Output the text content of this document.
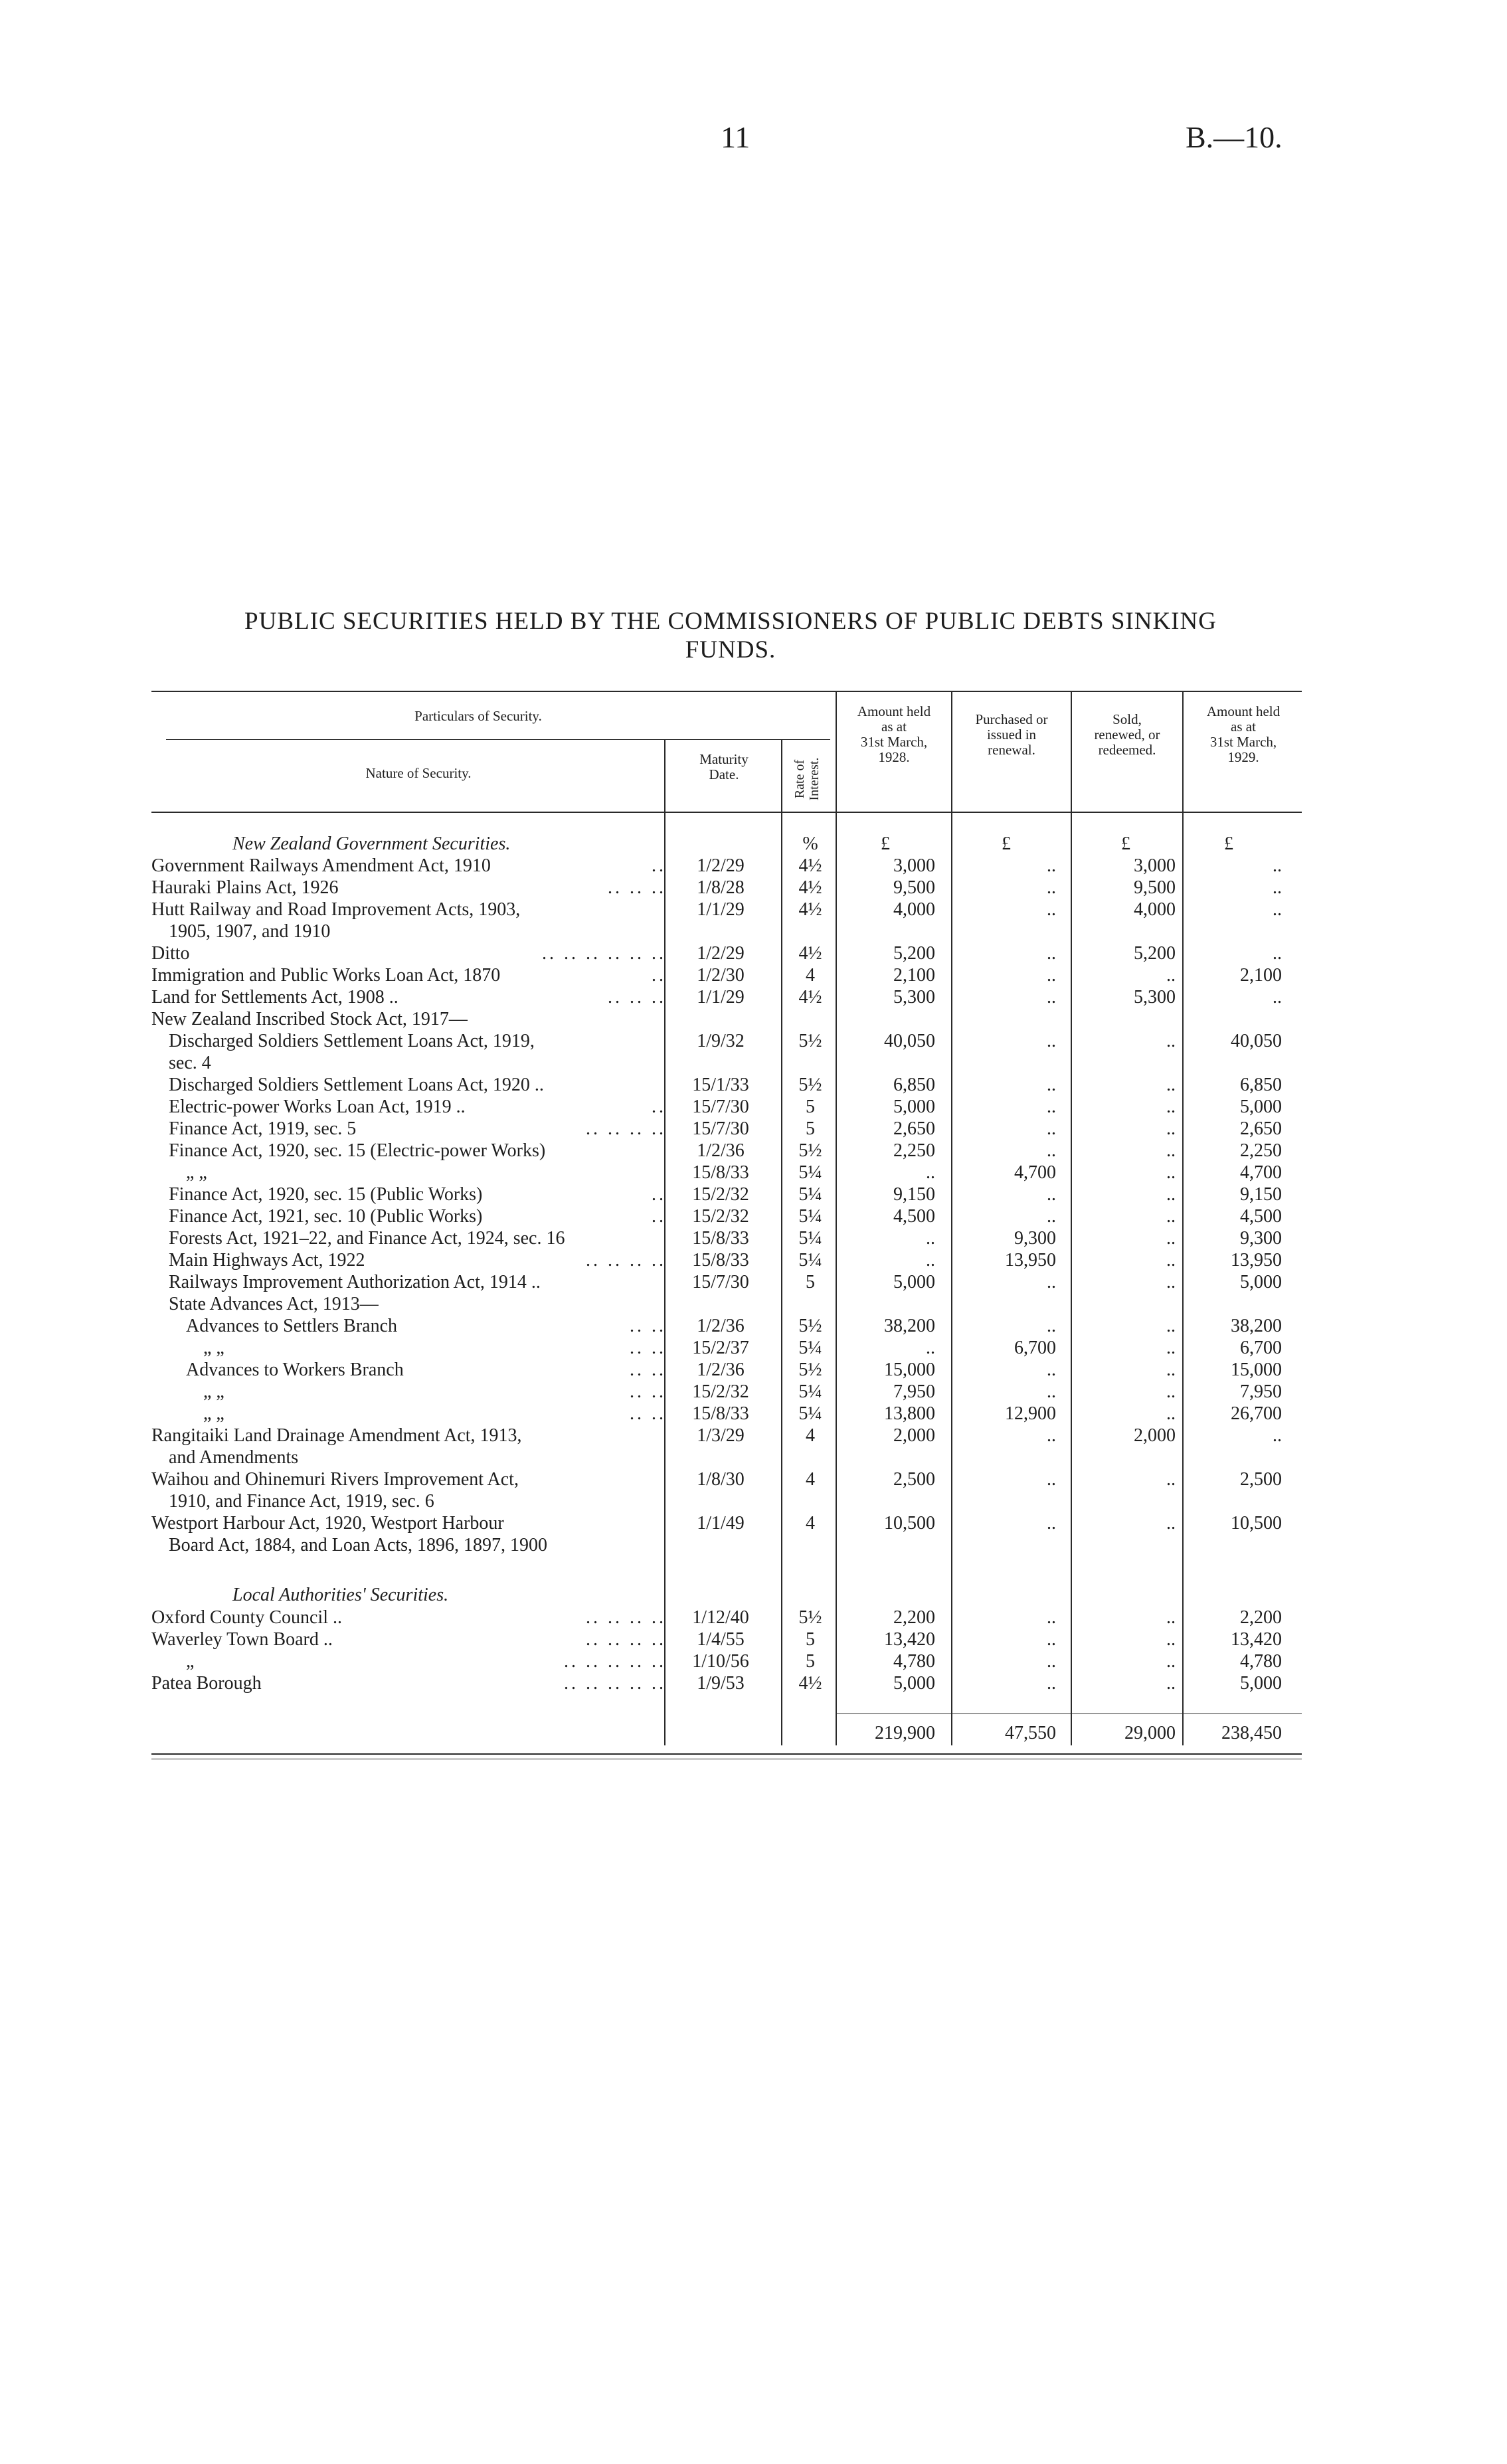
11	B.—10.
PUBLIC SECURITIES HELD BY THE COMMISSIONERS OF PUBLIC DEBTS SINKING
FUNDS.
Particulars of Security.
Nature of Security.
Maturity
Date.	Rate of Interest.
Amount held
as at
31st March,
1928.
Purchased or
issued in
renewal.
Sold,
renewed, or
redeemed.
Amount held
as at
31st March,
1929.
%	£	£	£	£
New Zealand Government Securities.
Government Railways Amendment Act, 1910	1/2/29	4½	3,000	..	3,000	..
..
Hauraki Plains Act, 1926	1/8/28	4½	9,500	..	9,500	..
.. .. ..
Hutt Railway and Road Improvement Acts, 1903,	1/1/29	4½	4,000	..	4,000	..
1905, 1907, and 1910
Ditto	1/2/29	4½	5,200	..	5,200	..
.. .. .. .. .. ..
Immigration and Public Works Loan Act, 1870	1/2/30	4	2,100	..	..	2,100
..
Land for Settlements Act, 1908 ..	1/1/29	4½	5,300	..	5,300	..
.. .. ..
New Zealand Inscribed Stock Act, 1917—
Discharged Soldiers Settlement Loans Act, 1919,	1/9/32	5½	40,050	..	..	40,050
sec. 4
Discharged Soldiers Settlement Loans Act, 1920 ..	15/1/33	5½	6,850	..	..	6,850
Electric-power Works Loan Act, 1919 ..	15/7/30	5	5,000	..	..	5,000
..
Finance Act, 1919, sec. 5	15/7/30	5	2,650	..	..	2,650
.. .. .. ..
Finance Act, 1920, sec. 15 (Electric-power Works)	1/2/36	5½	2,250	..	..	2,250
„ „	15/8/33	5¼	..	4,700	..	4,700
Finance Act, 1920, sec. 15 (Public Works)	15/2/32	5¼	9,150	..	..	9,150
..
Finance Act, 1921, sec. 10 (Public Works)	15/2/32	5¼	4,500	..	..	4,500
..
Forests Act, 1921–22, and Finance Act, 1924, sec. 16	15/8/33	5¼	..	9,300	..	9,300
Main Highways Act, 1922	15/8/33	5¼	..	13,950	..	13,950
.. .. .. ..
Railways Improvement Authorization Act, 1914 ..	15/7/30	5	5,000	..	..	5,000
State Advances Act, 1913—
Advances to Settlers Branch	1/2/36	5½	38,200	..	..	38,200
.. ..
„ „	15/2/37	5¼	..	6,700	..	6,700
.. ..
Advances to Workers Branch	1/2/36	5½	15,000	..	..	15,000
.. ..
„ „	15/2/32	5¼	7,950	..	..	7,950
.. ..
„ „	15/8/33	5¼	13,800	12,900	..	26,700
.. ..
Rangitaiki Land Drainage Amendment Act, 1913,	1/3/29	4	2,000	..	2,000	..
and Amendments
Waihou and Ohinemuri Rivers Improvement Act,	1/8/30	4	2,500	..	..	2,500
1910, and Finance Act, 1919, sec. 6
Westport Harbour Act, 1920, Westport Harbour	1/1/49	4	10,500	..	..	10,500
Board Act, 1884, and Loan Acts, 1896, 1897, 1900
Local Authorities' Securities.
Oxford County Council ..	1/12/40	5½	2,200	..	..	2,200
.. .. .. ..
Waverley Town Board ..	1/4/55	5	13,420	..	..	13,420
.. .. .. ..
„	1/10/56	5	4,780	..	..	4,780
.. .. .. .. ..
Patea Borough	1/9/53	4½	5,000	..	..	5,000
.. .. .. .. ..
219,900	47,550	29,000	238,450
